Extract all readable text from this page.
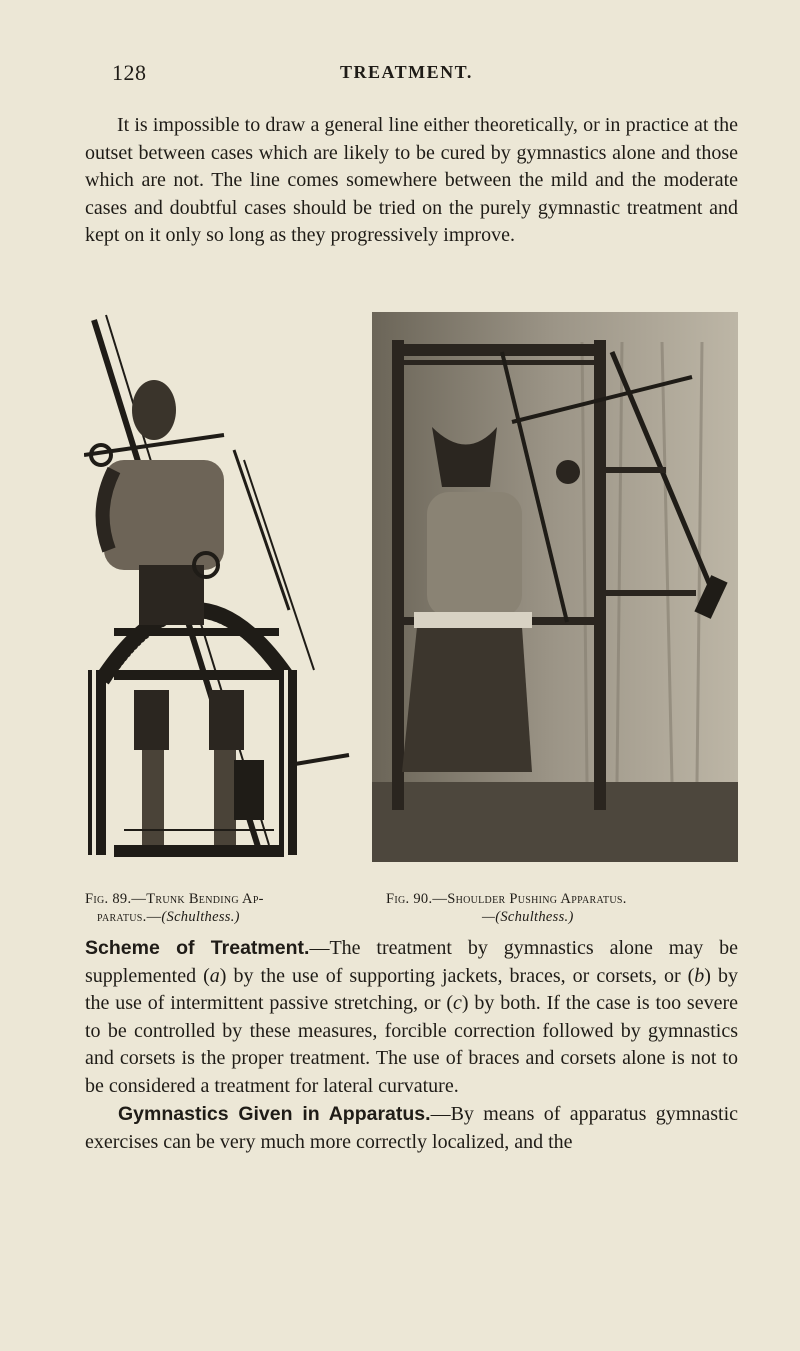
128	TREATMENT.

It is impossible to draw a general line either theoretically, or in practice at the outset between cases which are likely to be cured by gymnastics alone and those which are not. The line comes somewhere between the mild and the moderate cases and doubtful cases should be tried on the purely gymnastic treatment and kept on it only so long as they progressively improve.

Fig. 89.—Trunk Bending Ap-
paratus.—(Schulthess.)
Fig. 90.—Shoulder Pushing Apparatus.
—(Schulthess.)

Scheme of Treatment.—The treatment by gymnastics alone may be supplemented (a) by the use of supporting jackets, braces, or corsets, or (b) by the use of intermittent passive stretching, or (c) by both. If the case is too severe to be controlled by these measures, forcible correction followed by gymnastics and corsets is the proper treatment. The use of braces and corsets alone is not to be considered a treatment for lateral curvature.

Gymnastics Given in Apparatus.—By means of apparatus gymnastic exercises can be very much more correctly localized, and the
